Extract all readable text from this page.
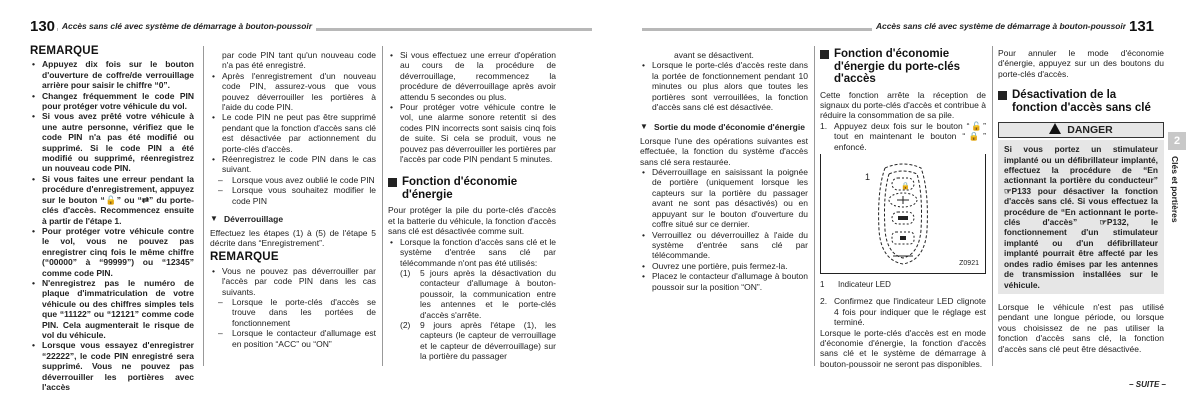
130 Accès sans clé avec système de démarrage à bouton-poussoir
REMARQUE
• Appuyez dix fois sur le bouton d'ouverture de coffre/de verrouillage arrière pour saisir le chiffre “0”.
• Changez fréquemment le code PIN pour protéger votre véhicule du vol.
• Si vous avez prêté votre véhicule à une autre personne, vérifiez que le code PIN n'a pas été modifié ou supprimé. Si le code PIN a été modifié ou supprimé, réenregistrez un nouveau code PIN.
• Si vous faites une erreur pendant la procédure d'enregistrement, appuyez sur le bouton “🔓” ou “⇄” du porte-clés d'accès. Recommencez ensuite à partir de l'étape 1.
• Pour protéger votre véhicule contre le vol, vous ne pouvez pas enregistrer cinq fois le même chiffre (“00000” à “99999”) ou “12345” comme code PIN.
• N'enregistrez pas le numéro de plaque d'immatriculation de votre véhicule ou des chiffres simples tels que “11122” ou “12121” comme code PIN. Cela augmenterait le risque de vol du véhicule.
• Lorsque vous essayez d'enregistrer “22222”, le code PIN enregistré sera supprimé. Vous ne pouvez pas déverrouiller les portières avec l'accès
par code PIN tant qu'un nouveau code n'a pas été enregistré.
• Après l'enregistrement d'un nouveau code PIN, assurez-vous que vous pouvez déverrouiller les portières à l'aide du code PIN.
• Le code PIN ne peut pas être supprimé pendant que la fonction d'accès sans clé est désactivée par actionnement du porte-clés d'accès.
• Réenregistrez le code PIN dans le cas suivant.
– Lorsque vous avez oublié le code PIN
– Lorsque vous souhaitez modifier le code PIN
▼ Déverrouillage

Effectuez les étapes (1) à (5) de l'étape 5 décrite dans “Enregistrement”.

REMARQUE
• Vous ne pouvez pas déverrouiller par l'accès par code PIN dans les cas suivants.
– Lorsque le porte-clés d'accès se trouve dans les portées de fonctionnement
– Lorsque le contacteur d'allumage est en position “ACC” ou “ON”
• Si vous effectuez une erreur d'opération au cours de la procédure de déverrouillage, recommencez la procédure de déverrouillage après avoir attendu 5 secondes ou plus.
• Pour protéger votre véhicule contre le vol, une alarme sonore retentit si des codes PIN incorrects sont saisis cinq fois de suite. Si cela se produit, vous ne pouvez pas déverrouiller les portières par l'accès par code PIN pendant 5 minutes.
Fonction d'économie d'énergie

Pour protéger la pile du porte-clés d'accès et la batterie du véhicule, la fonction d'accès sans clé est désactivée comme suit.

• Lorsque la fonction d'accès sans clé et le système d'entrée sans clé par télécommande n'ont pas été utilisés:
(1) 5 jours après la désactivation du contacteur d'allumage à bouton-poussoir, la communication entre les antennes et le porte-clés d'accès s'arrête.
(2) 9 jours après l'étape (1), les capteurs (le capteur de verrouillage et le capteur de déverrouillage) sur la portière du passager
Accès sans clé avec système de démarrage à bouton-poussoir 131
avant se désactivent.
• Lorsque le porte-clés d'accès reste dans la portée de fonctionnement pendant 10 minutes ou plus alors que toutes les portières sont verrouillées, la fonction d'accès sans clé est désactivée.
▼ Sortie du mode d'économie d'énergie

Lorsque l'une des opérations suivantes est effectuée, la fonction du système d'accès sans clé sera restaurée.

• Déverrouillage en saisissant la poignée de portière (uniquement lorsque les capteurs sur la portière du passager avant ne sont pas désactivés) ou en appuyant sur le bouton d'ouverture du coffre situé sur ce dernier.
• Verrouillez ou déverrouillez à l'aide du système d'entrée sans clé par télécommande.
• Ouvrez une portière, puis fermez-la.
• Placez le contacteur d'allumage à bouton poussoir sur la position “ON”.
Fonction d'économie d'énergie du porte-clés d'accès

Cette fonction arrête la réception de signaux du porte-clés d'accès et contribue à réduire la consommation de sa pile.

1. Appuyez deux fois sur le bouton “🔓” tout en maintenant le bouton “🔒” enfoncé.
1
🔒
Z0921
1 Indicateur LED
2. Confirmez que l'indicateur LED clignote 4 fois pour indiquer que le réglage est terminé.

Lorsque le porte-clés d'accès est en mode d'économie d'énergie, la fonction d'accès sans clé et le système de démarrage à bouton-poussoir ne seront pas disponibles.

Pour annuler le mode d'économie d'énergie, appuyez sur un des boutons du porte-clés d'accès.

Désactivation de la fonction d'accès sans clé
DANGER
Si vous portez un stimulateur implanté ou un défibrillateur implanté, effectuez la procédure de “En actionnant la portière du conducteur” ☞P133 pour désactiver la fonction d'accès sans clé. Si vous effectuez la procédure de “En actionnant le porte-clés d'accès” ☞P132, le fonctionnement d'un stimulateur implanté ou d'un défibrillateur implanté pourrait être affecté par les ondes radio émises par les antennes de transmission installées sur le véhicule.

Lorsque le véhicule n'est pas utilisé pendant une longue période, ou lorsque vous choisissez de ne pas utiliser la fonction d'accès sans clé, la fonction d'accès sans clé peut être désactivée.

2
Clés et portières
– SUITE –
